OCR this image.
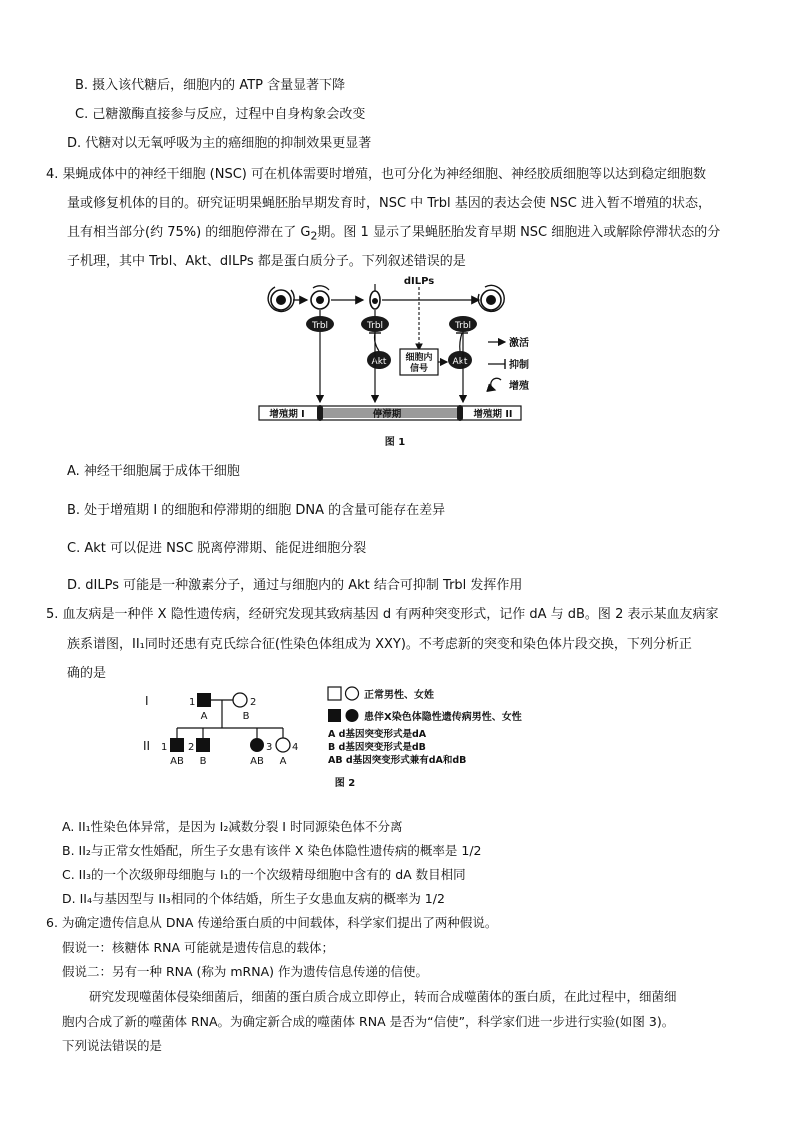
B. 摄入该代糖后，细胞内的 ATP 含量显著下降
C. 己糖激酶直接参与反应，过程中自身构象会改变
D. 代糖对以无氧呼吸为主的癌细胞的抑制效果更显著
4. 果蝇成体中的神经干细胞 (NSC) 可在机体需要时增殖，也可分化为神经细胞、神经胶质细胞等以达到稳定细胞数
量或修复机体的目的。研究证明果蝇胚胎早期发育时，NSC 中 Trbl 基因的表达会使 NSC 进入暂不增殖的状态，
且有相当部分(约 75%) 的细胞停滞在了 $G_2$期。图 1 显示了果蝇胚胎发育早期 NSC 细胞进入或解除停滞状态的分
子机理，其中 Trbl、Akt、dILPs 都是蛋白质分子。下列叙述错误的是
dILPs
Trbl	Trbl	Trbl
Akt	Akt
细胞内
信号
激活
抑制
增殖
增殖期 I	停滞期	增殖期 II
图 1
A. 神经干细胞属于成体干细胞
B. 处于增殖期 I 的细胞和停滞期的细胞 DNA 的含量可能存在差异
C. Akt 可以促进 NSC 脱离停滞期、能促进细胞分裂
D. dILPs 可能是一种激素分子，通过与细胞内的 Akt 结合可抑制 Trbl 发挥作用
5. 血友病是一种伴 X 隐性遗传病，经研究发现其致病基因 d 有两种突变形式，记作 dA 与 dB。图 2 表示某血友病家
族系谱图，II₁同时还患有克氏综合征(性染色体组成为 XXY)。不考虑新的突变和染色体片段交换，下列分析正
确的是
I
II
1	2
A	B
1 2	3 4
AB B	AB A
正常男性、女姓
患伴X染色体隐性遗传病男性、女性
A d基因突变形式是dA
B d基因突变形式是dB
AB d基因突变形式兼有dA和dB
图 2
A. II₁性染色体异常，是因为 I₂减数分裂 I 时同源染色体不分离
B. II₂与正常女性婚配，所生子女患有该伴 X 染色体隐性遗传病的概率是 1/2
C. II₃的一个次级卵母细胞与 I₁的一个次级精母细胞中含有的 dA 数目相同
D. II₄与基因型与 II₃相同的个体结婚，所生子女患血友病的概率为 1/2
6. 为确定遗传信息从 DNA 传递给蛋白质的中间载体，科学家们提出了两种假说。
假说一：核糖体 RNA 可能就是遗传信息的载体；
假说二：另有一种 RNA (称为 mRNA) 作为遗传信息传递的信使。
研究发现噬菌体侵染细菌后，细菌的蛋白质合成立即停止，转而合成噬菌体的蛋白质，在此过程中，细菌细
胞内合成了新的噬菌体 RNA。为确定新合成的噬菌体 RNA 是否为“信使”，科学家们进一步进行实验(如图 3)。
下列说法错误的是
